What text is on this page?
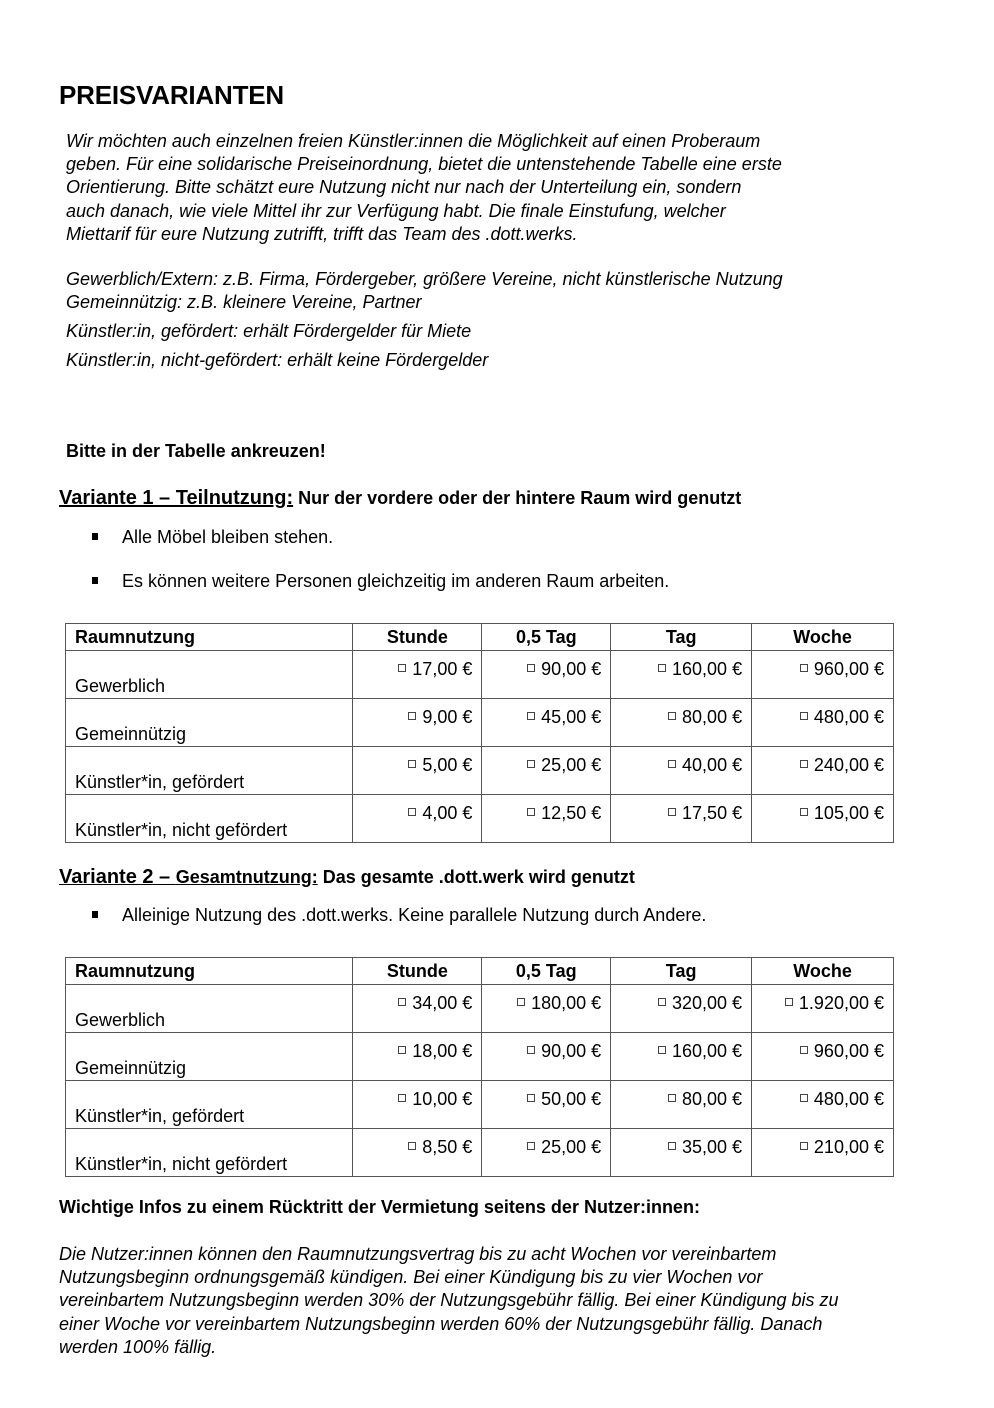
PREISVARIANTEN

Wir möchten auch einzelnen freien Künstler:innen die Möglichkeit auf einen Proberaum

geben. Für eine solidarische Preiseinordnung, bietet die untenstehende Tabelle eine erste

Orientierung. Bitte schätzt eure Nutzung nicht nur nach der Unterteilung ein, sondern

auch danach, wie viele Mittel ihr zur Verfügung habt. Die finale Einstufung, welcher

Miettarif für eure Nutzung zutrifft, trifft das Team des .dott.werks.

Gewerblich/Extern: z.B. Firma, Fördergeber, größere Vereine, nicht künstlerische Nutzung
Gemeinnützig: z.B. kleinere Vereine, Partner
Künstler:in, gefördert: erhält Fördergelder für Miete
Künstler:in, nicht-gefördert: erhält keine Fördergelder
Bitte in der Tabelle ankreuzen!
Variante 1 – Teilnutzung: Nur der vordere oder der hintere Raum wird genutzt
Alle Möbel bleiben stehen.
Es können weitere Personen gleichzeitig im anderen Raum arbeiten.
Raumnutzung	Stunde	0,5 Tag	Tag	Woche
Gewerblich	17,00 €	90,00 €	160,00 €	960,00 €
Gemeinnützig	9,00 €	45,00 €	80,00 €	480,00 €
Künstler*in, gefördert	5,00 €	25,00 €	40,00 €	240,00 €
Künstler*in, nicht gefördert	4,00 €	12,50 €	17,50 €	105,00 €
Variante 2 – Gesamtnutzung: Das gesamte .dott.werk wird genutzt
Alleinige Nutzung des .dott.werks. Keine parallele Nutzung durch Andere.
Raumnutzung	Stunde	0,5 Tag	Tag	Woche
Gewerblich	34,00 €	180,00 €	320,00 €	1.920,00 €
Gemeinnützig	18,00 €	90,00 €	160,00 €	960,00 €
Künstler*in, gefördert	10,00 €	50,00 €	80,00 €	480,00 €
Künstler*in, nicht gefördert	8,50 €	25,00 €	35,00 €	210,00 €
Wichtige Infos zu einem Rücktritt der Vermietung seitens der Nutzer:innen:
Die Nutzer:innen können den Raumnutzungsvertrag bis zu acht Wochen vor vereinbartem
Nutzungsbeginn ordnungsgemäß kündigen. Bei einer Kündigung bis zu vier Wochen vor
vereinbartem Nutzungsbeginn werden 30% der Nutzungsgebühr fällig. Bei einer Kündigung bis zu
einer Woche vor vereinbartem Nutzungsbeginn werden 60% der Nutzungsgebühr fällig. Danach
werden 100% fällig.
